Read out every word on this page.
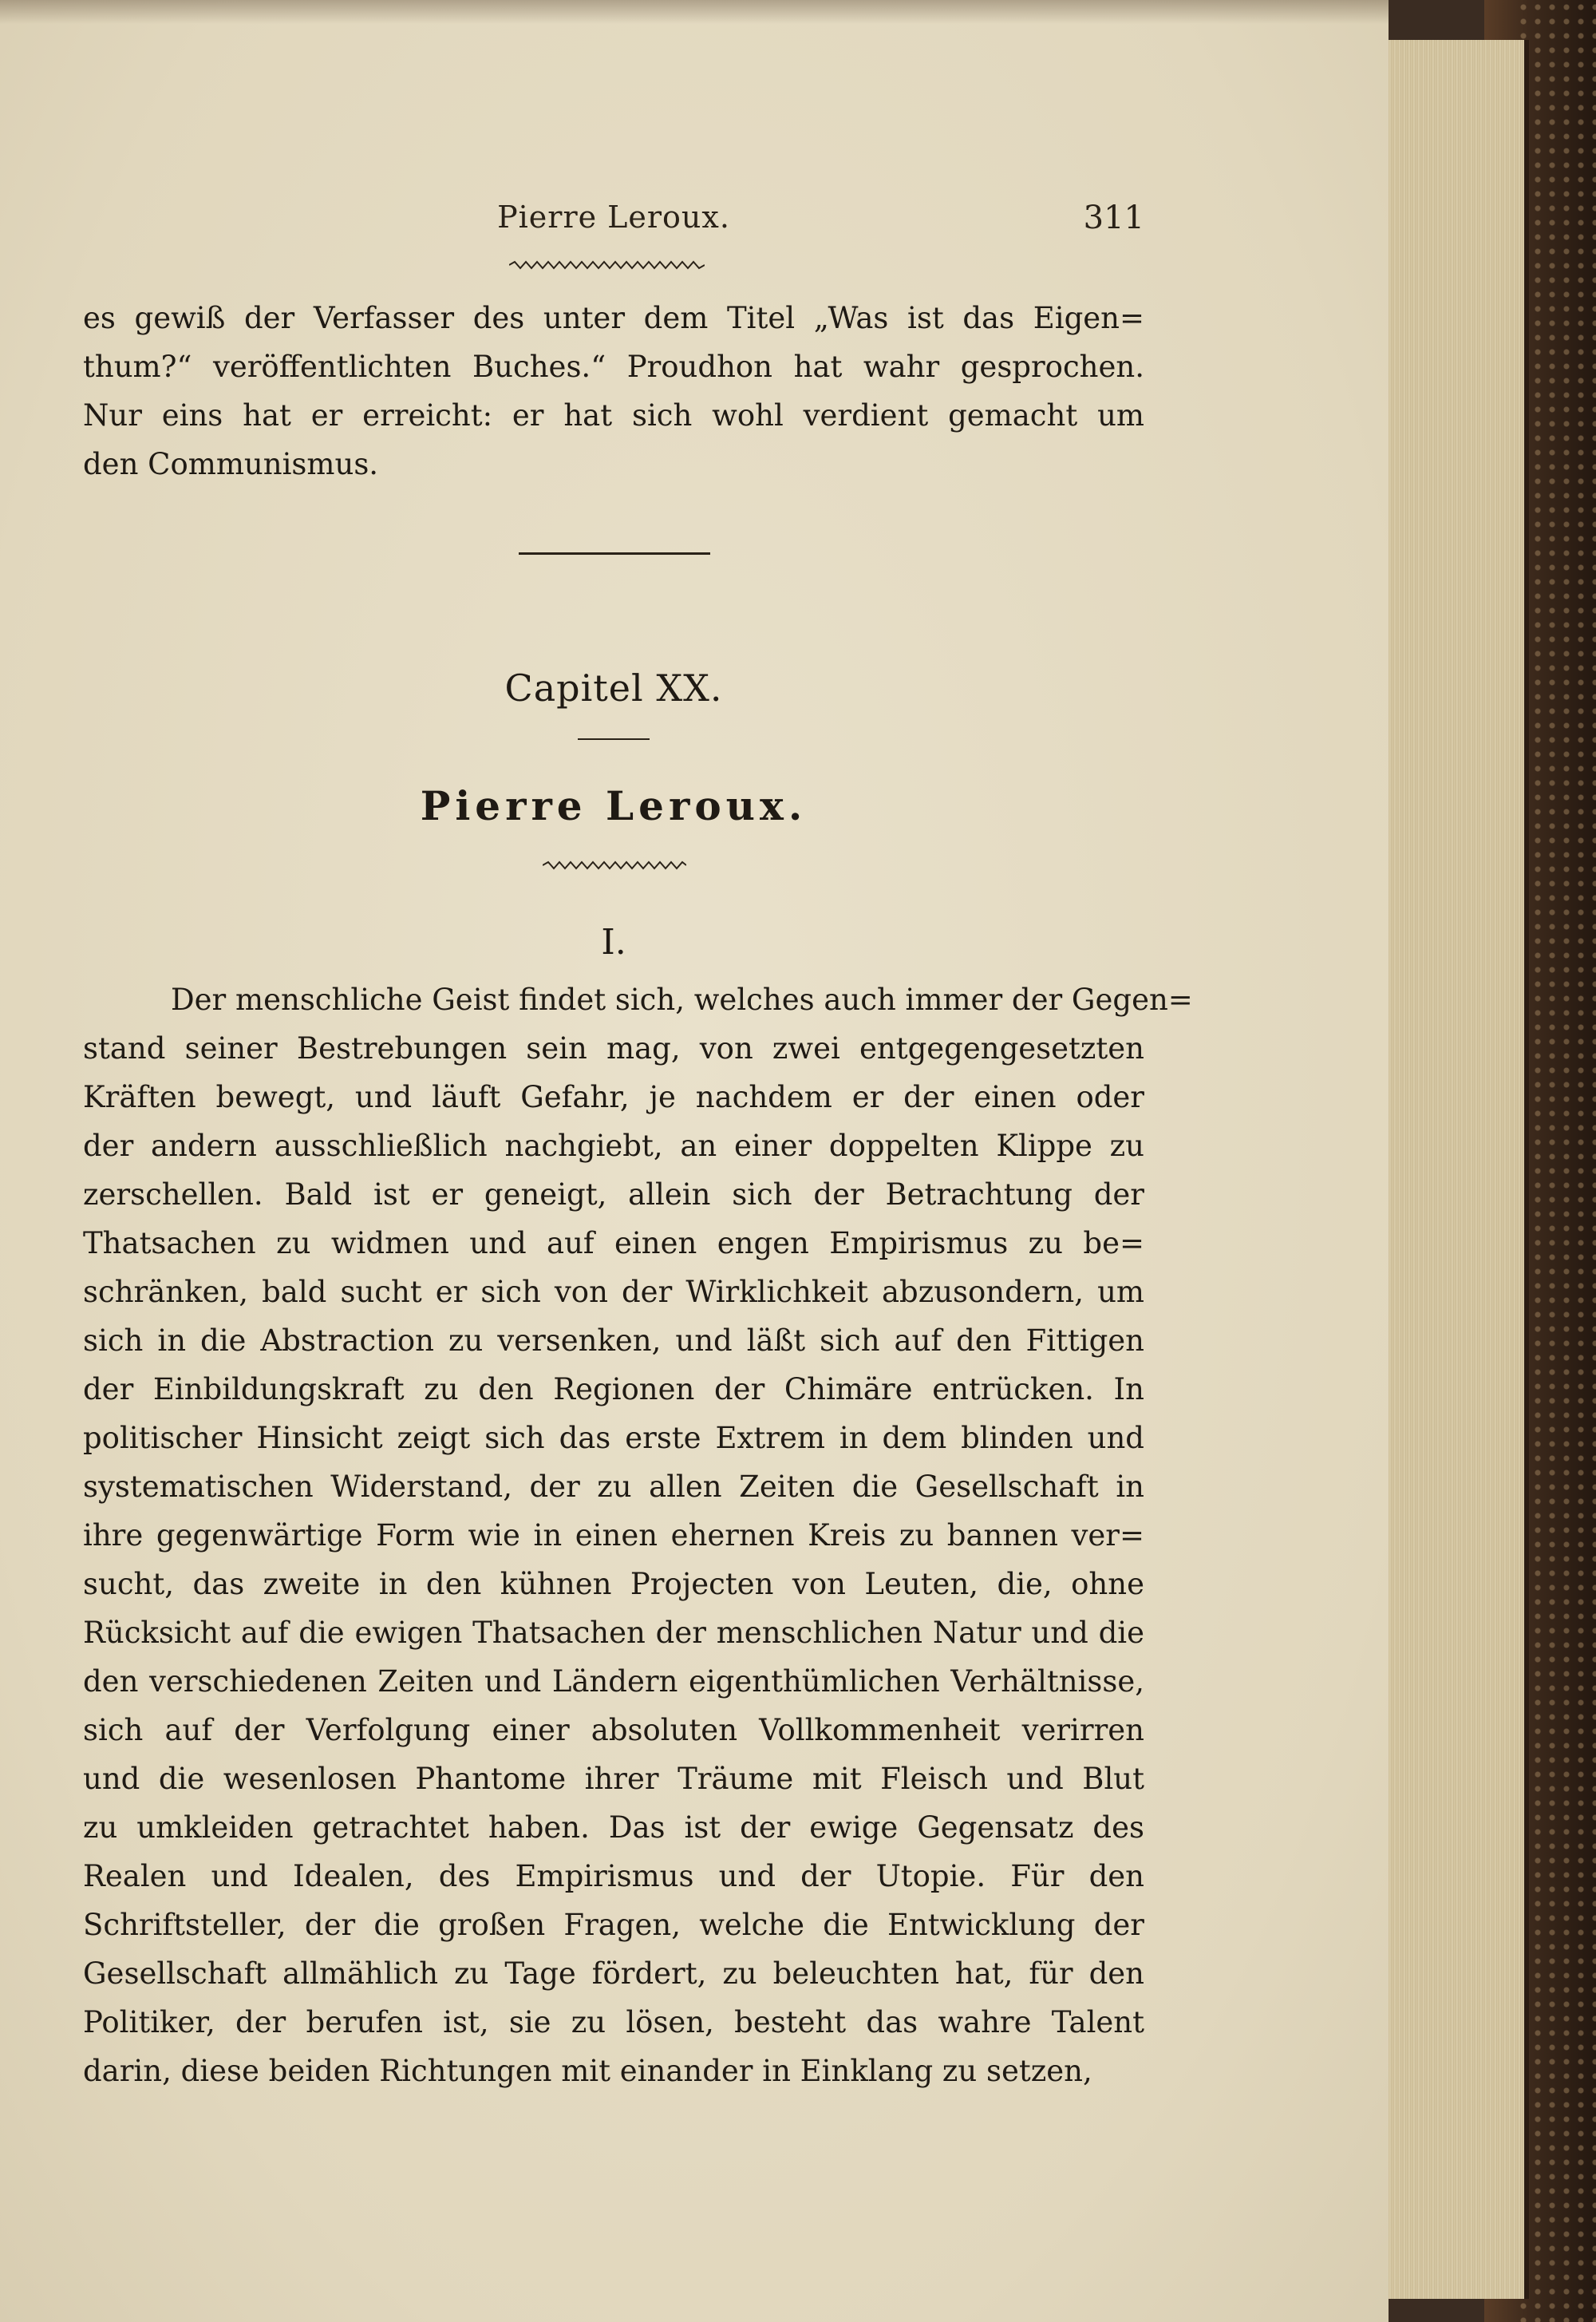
Pierre Leroux.	311
es gewiß der Verfasser des unter dem Titel „Was ist das Eigen=
thum?“ veröffentlichten Buches.“ Proudhon hat wahr gesprochen.
Nur eins hat er erreicht: er hat sich wohl verdient gemacht um
den Communismus.
Capitel XX.
Pierre Leroux.
I.
Der menschliche Geist findet sich, welches auch immer der Gegen=
stand seiner Bestrebungen sein mag, von zwei entgegengesetzten
Kräften bewegt, und läuft Gefahr, je nachdem er der einen oder
der andern ausschließlich nachgiebt, an einer doppelten Klippe zu
zerschellen. Bald ist er geneigt, allein sich der Betrachtung der
Thatsachen zu widmen und auf einen engen Empirismus zu be=
schränken, bald sucht er sich von der Wirklichkeit abzusondern, um
sich in die Abstraction zu versenken, und läßt sich auf den Fittigen
der Einbildungskraft zu den Regionen der Chimäre entrücken. In
politischer Hinsicht zeigt sich das erste Extrem in dem blinden und
systematischen Widerstand, der zu allen Zeiten die Gesellschaft in
ihre gegenwärtige Form wie in einen ehernen Kreis zu bannen ver=
sucht, das zweite in den kühnen Projecten von Leuten, die, ohne
Rücksicht auf die ewigen Thatsachen der menschlichen Natur und die
den verschiedenen Zeiten und Ländern eigenthümlichen Verhältnisse,
sich auf der Verfolgung einer absoluten Vollkommenheit verirren
und die wesenlosen Phantome ihrer Träume mit Fleisch und Blut
zu umkleiden getrachtet haben. Das ist der ewige Gegensatz des
Realen und Idealen, des Empirismus und der Utopie. Für den
Schriftsteller, der die großen Fragen, welche die Entwicklung der
Gesellschaft allmählich zu Tage fördert, zu beleuchten hat, für den
Politiker, der berufen ist, sie zu lösen, besteht das wahre Talent
darin, diese beiden Richtungen mit einander in Einklang zu setzen,
